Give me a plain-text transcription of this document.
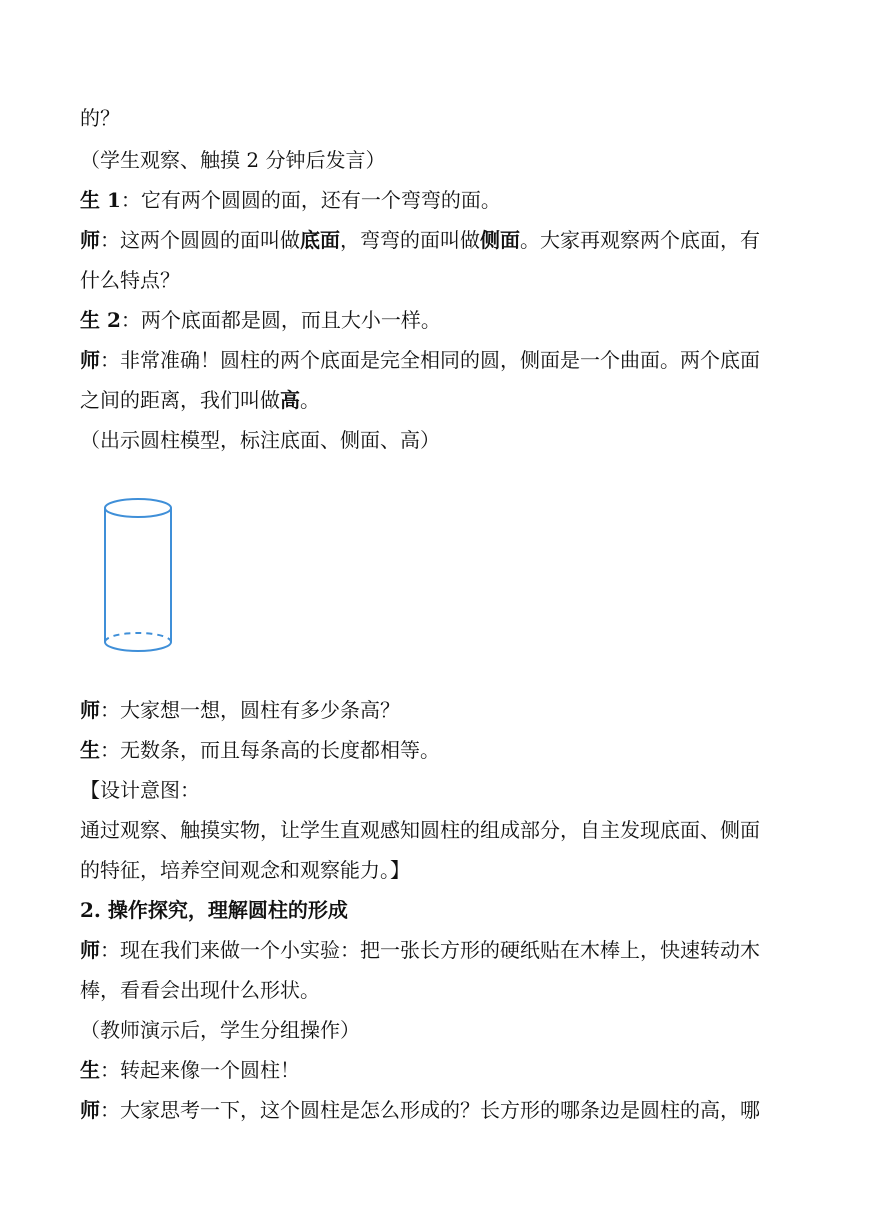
的？
（学生观察、触摸 2 分钟后发言）
生 1：它有两个圆圆的面，还有一个弯弯的面。
师：这两个圆圆的面叫做底面，弯弯的面叫做侧面。大家再观察两个底面，有
什么特点？
生 2：两个底面都是圆，而且大小一样。
师：非常准确！圆柱的两个底面是完全相同的圆，侧面是一个曲面。两个底面
之间的距离，我们叫做高。
（出示圆柱模型，标注底面、侧面、高）
师：大家想一想，圆柱有多少条高？
生：无数条，而且每条高的长度都相等。
【设计意图：
通过观察、触摸实物，让学生直观感知圆柱的组成部分，自主发现底面、侧面
的特征，培养空间观念和观察能力。】
2. 操作探究，理解圆柱的形成
师：现在我们来做一个小实验：把一张长方形的硬纸贴在木棒上，快速转动木
棒，看看会出现什么形状。
（教师演示后，学生分组操作）
生：转起来像一个圆柱！
师：大家思考一下，这个圆柱是怎么形成的？长方形的哪条边是圆柱的高，哪
